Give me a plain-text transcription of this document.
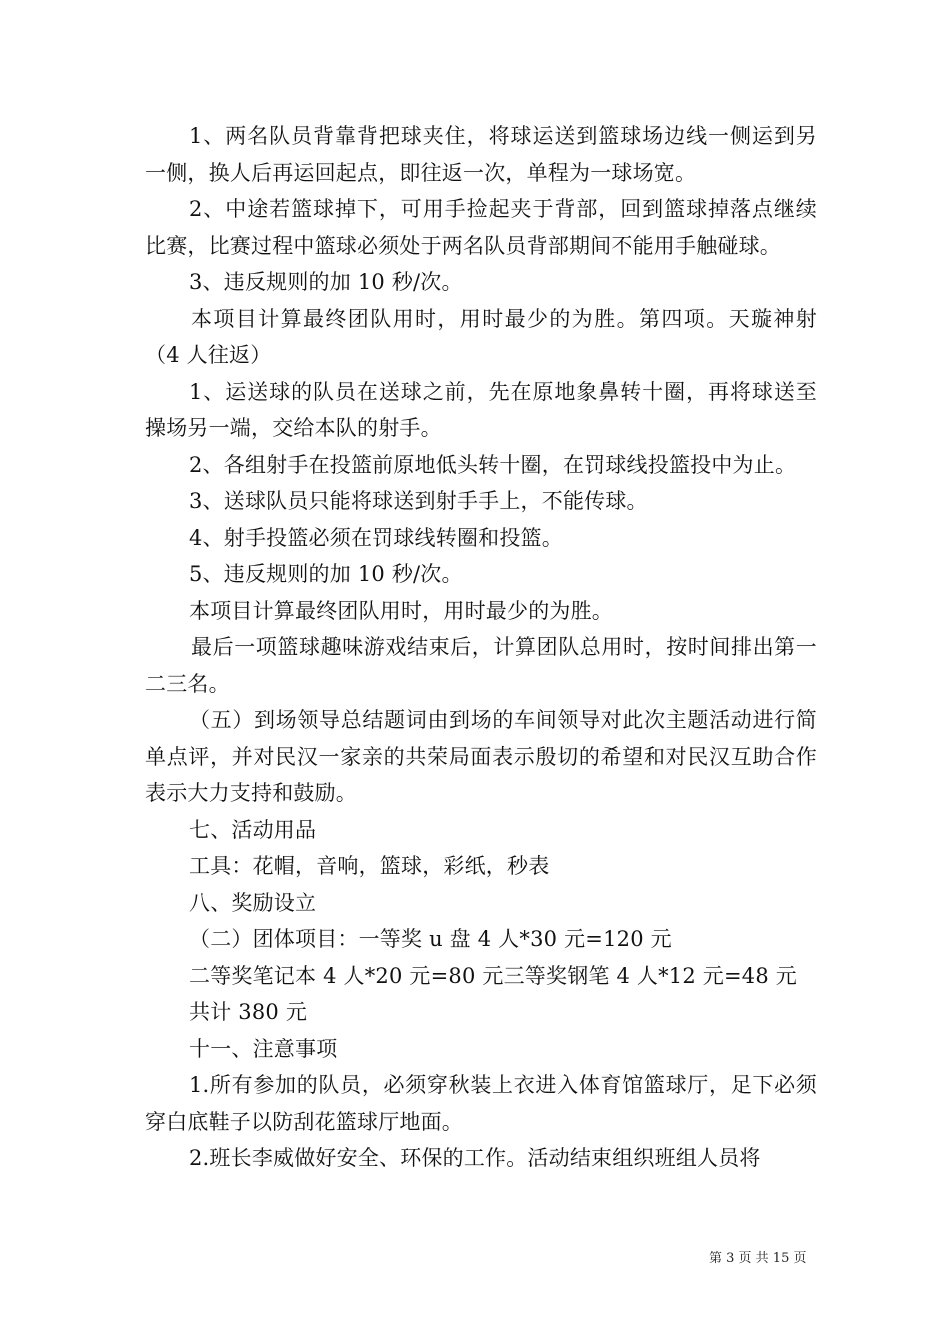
1、两名队员背靠背把球夹住，将球运送到篮球场边线一侧运到另一侧，换人后再运回起点，即往返一次，单程为一球场宽。

2、中途若篮球掉下，可用手捡起夹于背部，回到篮球掉落点继续比赛，比赛过程中篮球必须处于两名队员背部期间不能用手触碰球。

3、违反规则的加 10 秒/次。

本项目计算最终团队用时，用时最少的为胜。第四项。天璇神射（4 人往返）

1、运送球的队员在送球之前，先在原地象鼻转十圈，再将球送至操场另一端，交给本队的射手。

2、各组射手在投篮前原地低头转十圈，在罚球线投篮投中为止。

3、送球队员只能将球送到射手手上，不能传球。

4、射手投篮必须在罚球线转圈和投篮。

5、违反规则的加 10 秒/次。

本项目计算最终团队用时，用时最少的为胜。

最后一项篮球趣味游戏结束后，计算团队总用时，按时间排出第一二三名。

（五）到场领导总结题词由到场的车间领导对此次主题活动进行简单点评，并对民汉一家亲的共荣局面表示殷切的希望和对民汉互助合作表示大力支持和鼓励。

七、活动用品

工具：花帽，音响，篮球，彩纸，秒表

八、奖励设立

（二）团体项目：一等奖 u 盘 4 人*30 元=120 元

二等奖笔记本 4 人*20 元=80 元三等奖钢笔 4 人*12 元=48 元

共计 380 元

十一、注意事项

1.所有参加的队员，必须穿秋装上衣进入体育馆篮球厅，足下必须穿白底鞋子以防刮花篮球厅地面。

2.班长李威做好安全、环保的工作。活动结束组织班组人员将

第 3 页 共 15 页
